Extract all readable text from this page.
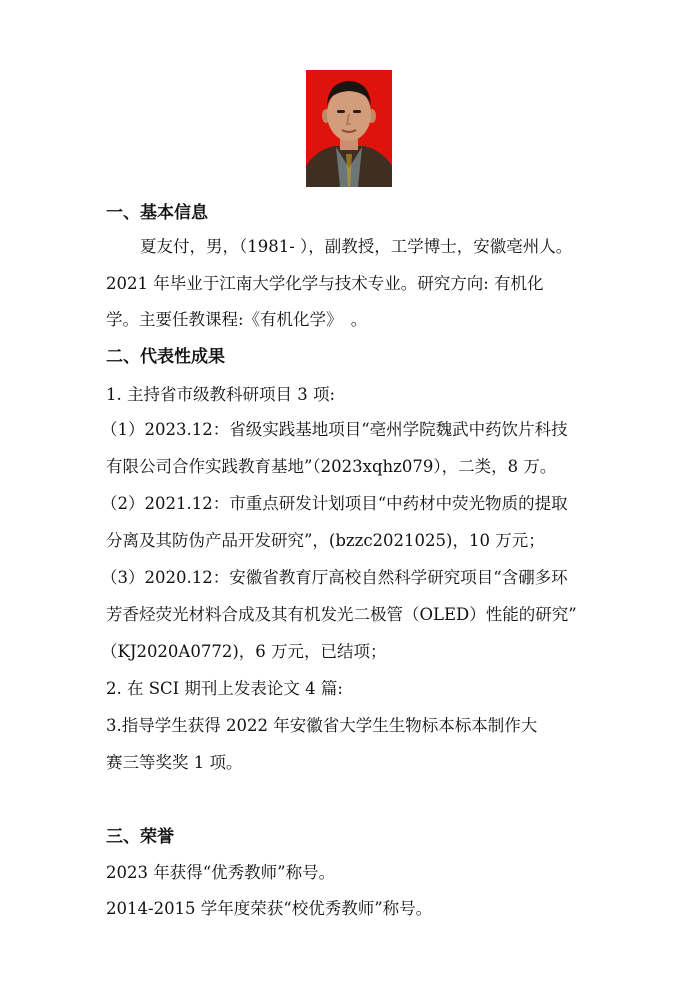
一、基本信息
夏友付，男，（1981- ），副教授，工学博士，安徽亳州人。
2021 年毕业于江南大学化学与技术专业。研究方向: 有机化
学。主要任教课程:《有机化学》　。
二、代表性成果
1. 主持省市级教科研项目 3 项:
（1）2023.12：省级实践基地项目“亳州学院魏武中药饮片科技
有限公司合作实践教育基地”（2023xqhz079），二类，8 万。
（2）2021.12：市重点研发计划项目“中药材中荧光物质的提取
分离及其防伪产品开发研究”，(bzzc2021025)，10 万元；
（3）2020.12：安徽省教育厅高校自然科学研究项目“含硼多环
芳香烃荧光材料合成及其有机发光二极管（OLED）性能的研究”
（KJ2020A0772)，6 万元，已结项；
2. 在 SCI 期刊上发表论文 4 篇:
3.指导学生获得 2022 年安徽省大学生生物标本标本制作大
赛三等奖奖 1 项。
三、荣誉
2023 年获得“优秀教师”称号。
2014-2015 学年度荣获“校优秀教师”称号。
